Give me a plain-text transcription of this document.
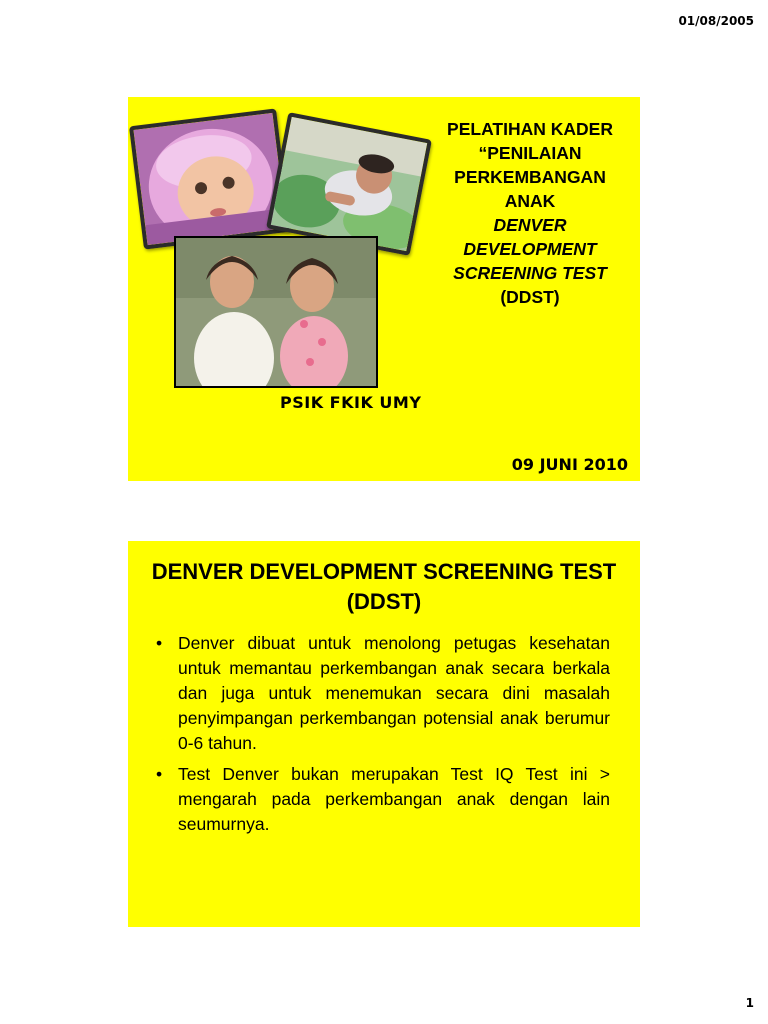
01/08/2005
PELATIHAN KADER
“PENILAIAN
PERKEMBANGAN
ANAK
DENVER
DEVELOPMENT
SCREENING TEST
(DDST)
PSIK FKIK UMY
09 JUNI 2010
DENVER DEVELOPMENT SCREENING TEST (DDST)
• Denver dibuat untuk menolong petugas kesehatan untuk memantau perkembangan anak secara berkala dan juga untuk menemukan secara dini masalah penyimpangan perkembangan potensial anak berumur 0-6 tahun.
• Test Denver bukan merupakan Test IQ Test ini > mengarah pada perkembangan anak dengan lain seumurnya.
1
